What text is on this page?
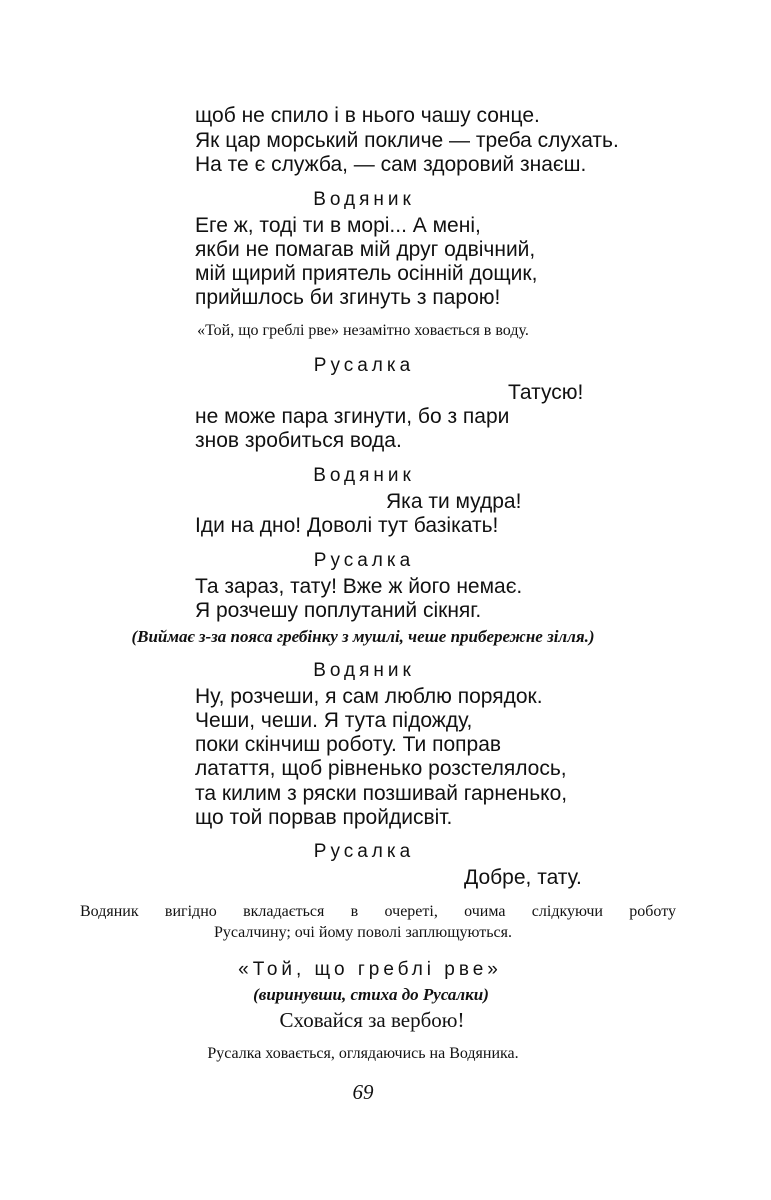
щоб не спило і в нього чашу сонце.
Як цар морський покличе — треба слухать.
На те є служба, — сам здоровий знаєш.
Водяник
Еге ж, тоді ти в морі... А мені,
якби не помагав мій друг одвічний,
мій щирий приятель осінній дощик,
прийшлось би згинуть з парою!
«Той, що греблі рве» незамітно ховається в воду.
Русалка
Татусю!
не може пара згинути, бо з пари
знов зробиться вода.
Водяник
Яка ти мудра!
Іди на дно! Доволі тут базікать!
Русалка
Та зараз, тату! Вже ж його немає.
Я розчешу поплутаний сікняг.
(Виймає з-за пояса гребінку з мушлі, чеше прибережне зілля.)
Водяник
Ну, розчеши, я сам люблю порядок.
Чеши, чеши. Я тута підожду,
поки скінчиш роботу. Ти поправ
латаття, щоб рівненько розстелялось,
та килим з ряски позшивай гарненько,
що той порвав пройдисвіт.
Русалка
Добре, тату.
Водяник вигідно вкладається в очереті, очима слідкуючи роботу
Русалчину; очі йому поволі заплющуються.
«Той, що греблі рве»
(виринувши, стиха до Русалки)
Сховайся за вербою!
Русалка ховається, оглядаючись на Водяника.
69
